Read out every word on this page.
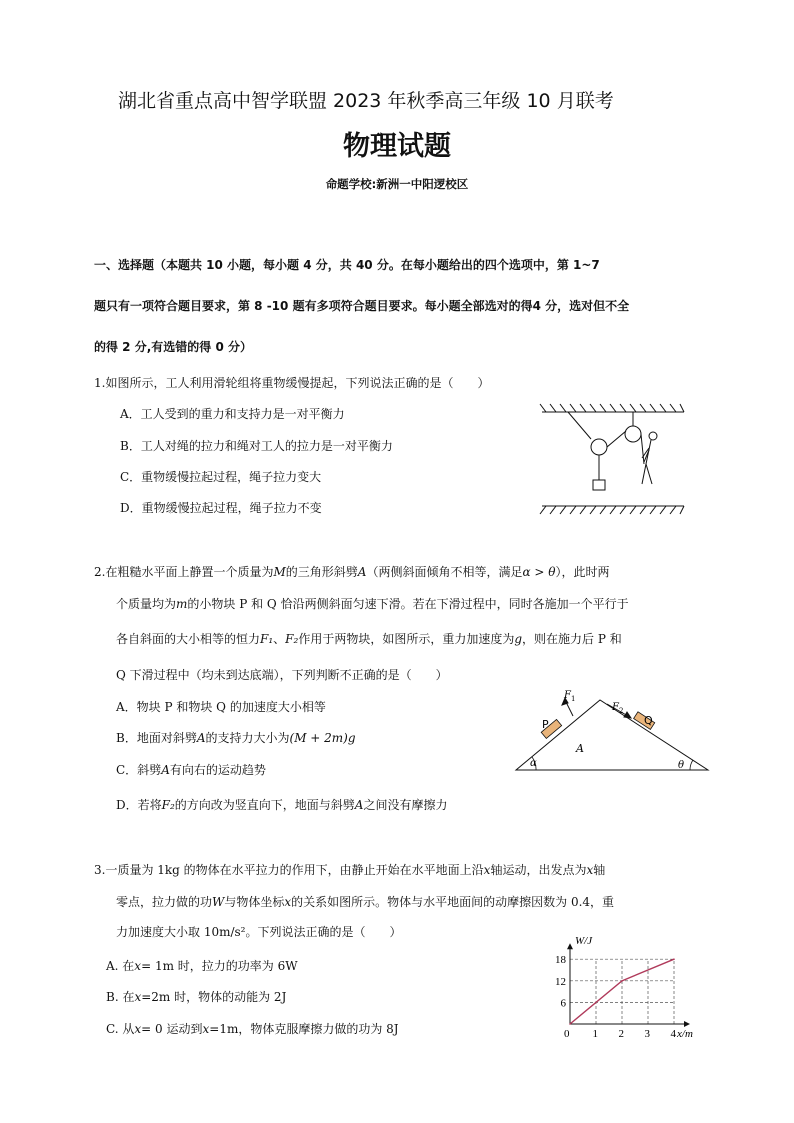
湖北省重点高中智学联盟 2023 年秋季高三年级 10 月联考
物理试题
命题学校:新洲一中阳逻校区
一、选择题（本题共 10 小题，每小题 4 分，共 40 分。在每小题给出的四个选项中，第 1~7
题只有一项符合题目要求，第 8 -10 题有多项符合题目要求。每小题全部选对的得4 分，选对但不全
的得 2 分,有选错的得 0 分）
1.如图所示，工人利用滑轮组将重物缓慢提起，下列说法正确的是（　　）
A．工人受到的重力和支持力是一对平衡力
B．工人对绳的拉力和绳对工人的拉力是一对平衡力
C．重物缓慢拉起过程，绳子拉力变大
D．重物缓慢拉起过程，绳子拉力不变
2.在粗糙水平面上静置一个质量为M的三角形斜劈A（两侧斜面倾角不相等，满足α > θ），此时两
个质量均为m的小物块 P 和 Q 恰沿两侧斜面匀速下滑。若在下滑过程中，同时各施加一个平行于
各自斜面的大小相等的恒力F₁、F₂作用于两物块，如图所示，重力加速度为g，则在施力后 P 和
Q 下滑过程中（均未到达底端），下列判断不正确的是（　　）
A．物块 P 和物块 Q 的加速度大小相等
B．地面对斜劈A的支持力大小为(M + 2m)g
C．斜劈A有向右的运动趋势
D．若将F₂的方向改为竖直向下，地面与斜劈A之间没有摩擦力
$F_1$
$F_2$
P	Q
A
α	θ
3.一质量为 1kg 的物体在水平拉力的作用下，由静止开始在水平地面上沿x轴运动，出发点为x轴
零点，拉力做的功W与物体坐标x的关系如图所示。物体与水平地面间的动摩擦因数为 0.4，重
力加速度大小取 10m/s²。下列说法正确的是（　　）
A. 在x= 1m 时，拉力的功率为 6W
B. 在x=2m 时，物体的动能为 2J
C. 从x= 0 运动到x=1m，物体克服摩擦力做的功为 8J	0 1 2 3 4
6
12
18
x/m
W/J
